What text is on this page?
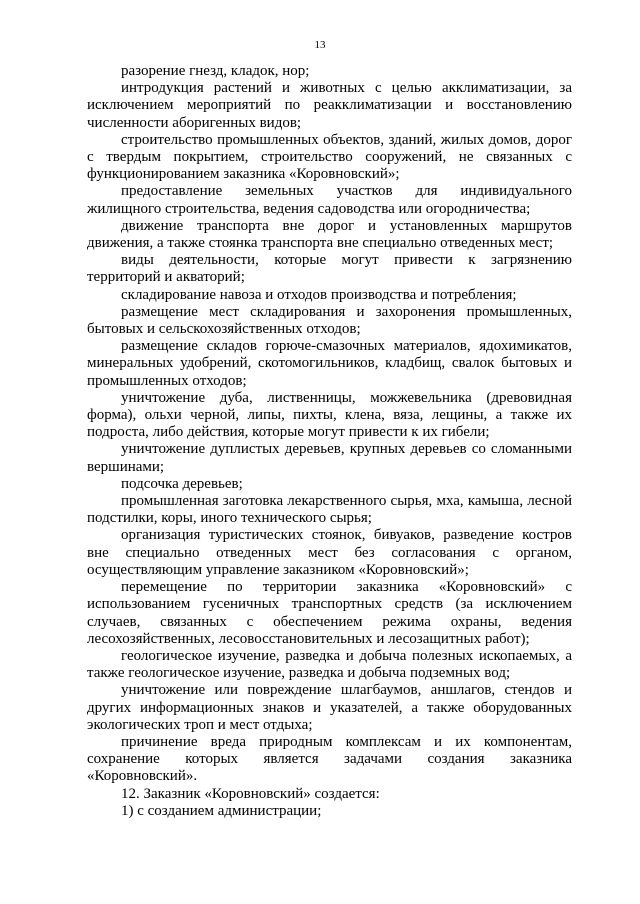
13

разорение гнезд, кладок, нор;

интродукция растений и животных с целью акклиматизации, за исключением мероприятий по реакклиматизации и восстановлению численности аборигенных видов;

строительство промышленных объектов, зданий, жилых домов, дорог с твердым покрытием, строительство сооружений, не связанных с функционированием заказника «Коровновский»;

предоставление земельных участков для индивидуального жилищного строительства, ведения садоводства или огородничества;

движение транспорта вне дорог и установленных маршрутов движения, а также стоянка транспорта вне специально отведенных мест;

виды деятельности, которые могут привести к загрязнению территорий и акваторий;

складирование навоза и отходов производства и потребления;

размещение мест складирования и захоронения промышленных, бытовых и сельскохозяйственных отходов;

размещение складов горюче-смазочных материалов, ядохимикатов, минеральных удобрений, скотомогильников, кладбищ, свалок бытовых и промышленных отходов;

уничтожение дуба, лиственницы, можжевельника (древовидная форма), ольхи черной, липы, пихты, клена, вяза, лещины, а также их подроста, либо действия, которые могут привести к их гибели;

уничтожение дуплистых деревьев, крупных деревьев со сломанными вершинами;

подсочка деревьев;

промышленная заготовка лекарственного сырья, мха, камыша, лесной подстилки, коры, иного технического сырья;

организация туристических стоянок, бивуаков, разведение костров вне специально отведенных мест без согласования с органом, осуществляющим управление заказником «Коровновский»;

перемещение по территории заказника «Коровновский» с использованием гусеничных транспортных средств (за исключением случаев, связанных с обеспечением режима охраны, ведения лесохозяйственных, лесовосстановительных и лесозащитных работ);

геологическое изучение, разведка и добыча полезных ископаемых, а также геологическое изучение, разведка и добыча подземных вод;

уничтожение или повреждение шлагбаумов, аншлагов, стендов и других информационных знаков и указателей, а также оборудованных экологических троп и мест отдыха;

причинение вреда природным комплексам и их компонентам, сохранение которых является задачами создания заказника «Коровновский».

12. Заказник «Коровновский» создается:

1) с созданием администрации;
